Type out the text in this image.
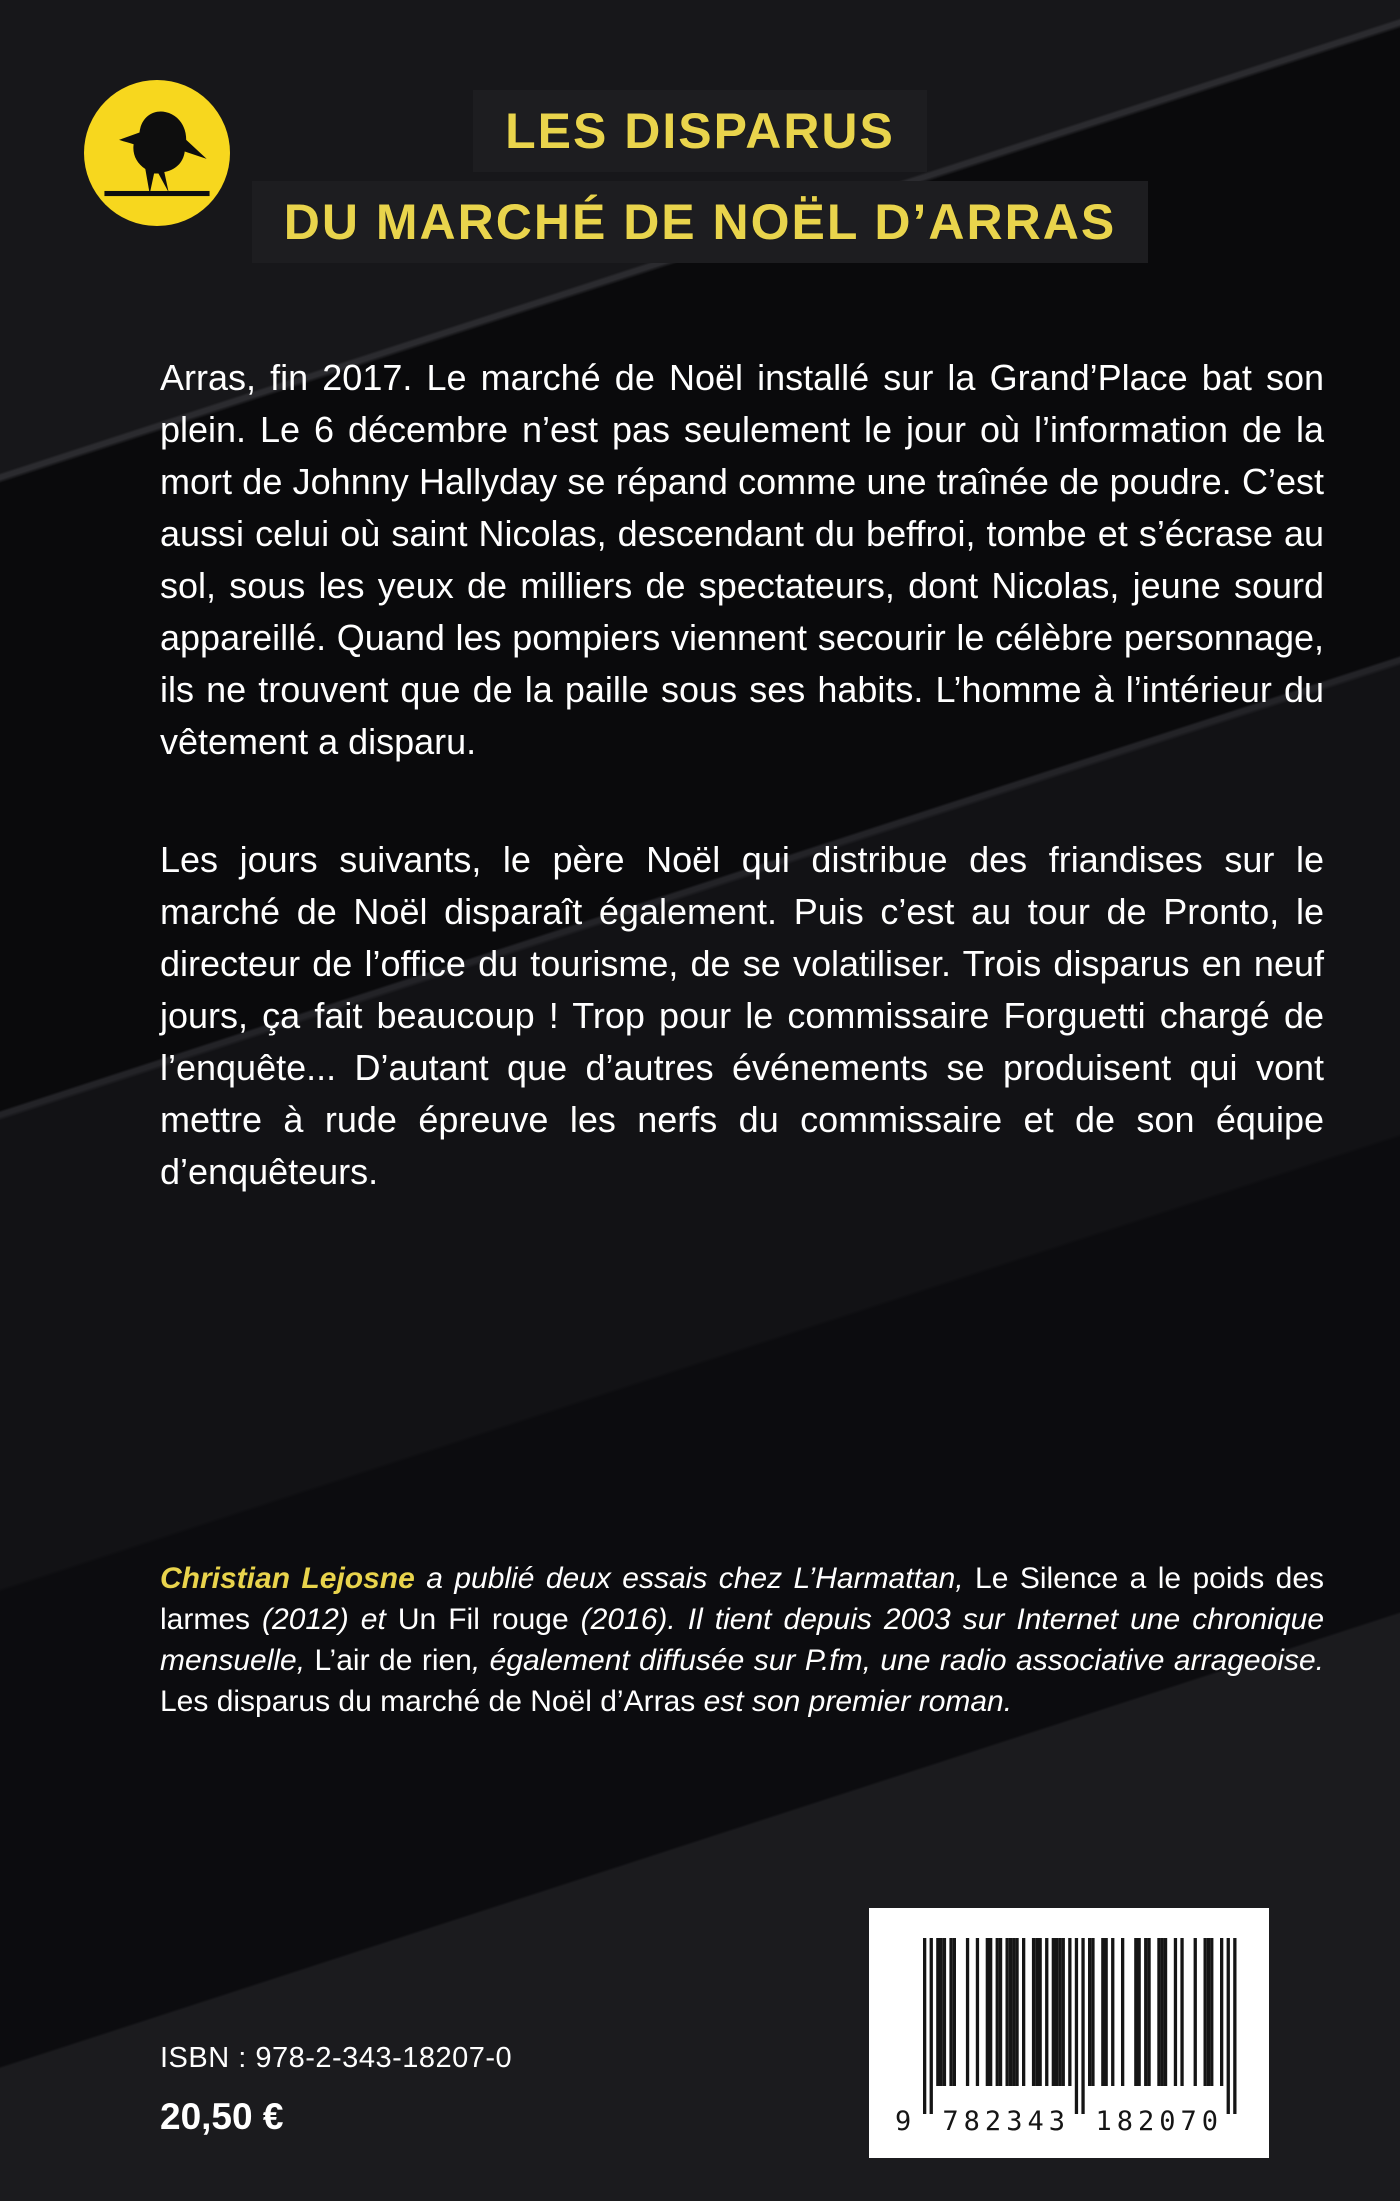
LES DISPARUS
DU MARCHÉ DE NOËL D’ARRAS

Arras, fin 2017. Le marché de Noël installé sur la Grand’Place bat son plein. Le 6 décembre n’est pas seulement le jour où l’information de la mort de Johnny Hallyday se répand comme une traînée de poudre. C’est aussi celui où saint Nicolas, descendant du beffroi, tombe et s’écrase au sol, sous les yeux de milliers de spectateurs, dont Nicolas, jeune sourd appareillé. Quand les pompiers viennent secourir le célèbre personnage, ils ne trouvent que de la paille sous ses habits. L’homme à l’intérieur du vêtement a disparu.

Les jours suivants, le père Noël qui distribue des friandises sur le marché de Noël disparaît également. Puis c’est au tour de Pronto, le directeur de l’office du tourisme, de se volatiliser. Trois disparus en neuf jours, ça fait beaucoup ! Trop pour le commissaire Forguetti chargé de l’enquête... D’autant que d’autres événements se produisent qui vont mettre à rude épreuve les nerfs du commissaire et de son équipe d’enquêteurs.

Christian Lejosne a publié deux essais chez L’Harmattan, Le Silence a le poids des larmes (2012) et Un Fil rouge (2016). Il tient depuis 2003 sur Internet une chronique mensuelle, L’air de rien, également diffusée sur P.fm, une radio associative arrageoise. Les disparus du marché de Noël d’Arras est son premier roman.

ISBN : 978-2-343-18207-0
20,50 €	9 782343 182070
